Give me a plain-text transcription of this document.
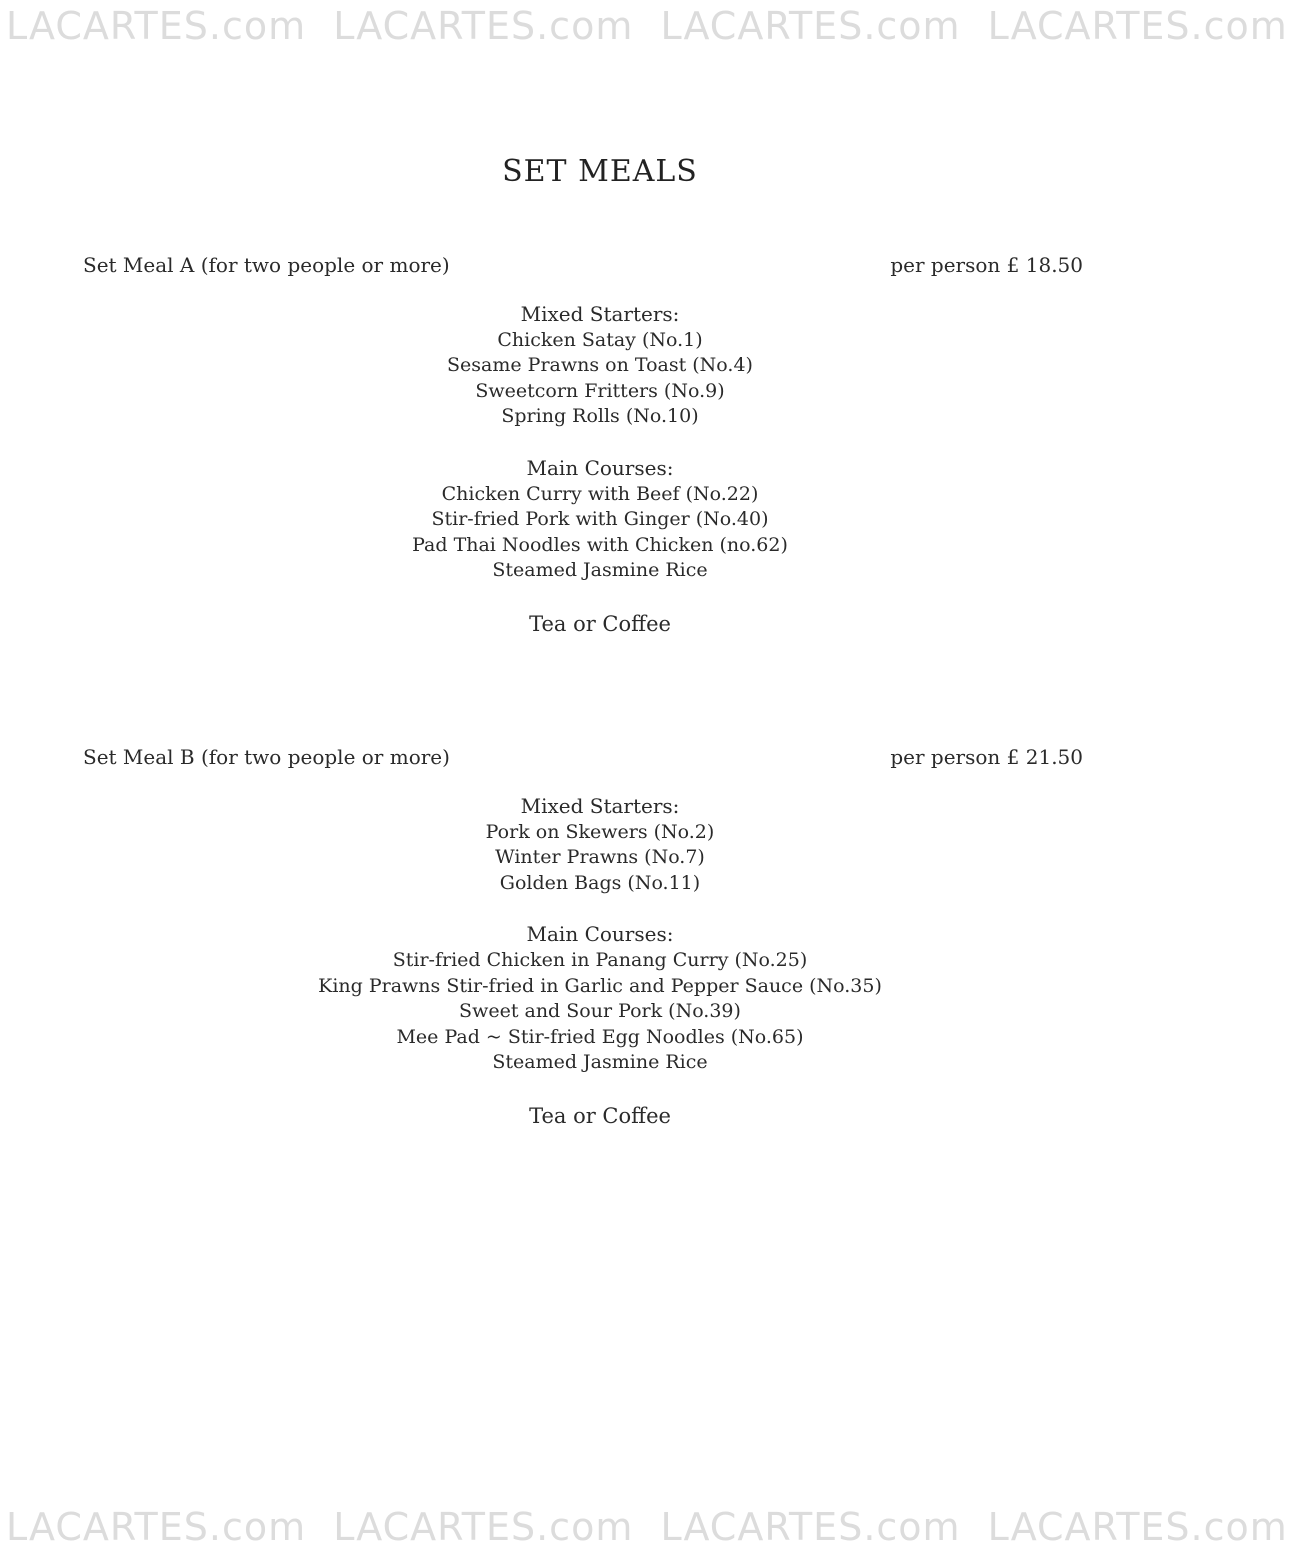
LACARTES.com LACARTES.com LACARTES.com LACARTES.com
SET MEALS
Set Meal A (for two people or more)	per person £ 18.50
Mixed Starters:
Chicken Satay (No.1)
Sesame Prawns on Toast (No.4)
Sweetcorn Fritters (No.9)
Spring Rolls (No.10)
Main Courses:
Chicken Curry with Beef (No.22)
Stir-fried Pork with Ginger (No.40)
Pad Thai Noodles with Chicken (no.62)
Steamed Jasmine Rice
Tea or Coffee
Set Meal B (for two people or more)	per person £ 21.50
Mixed Starters:
Pork on Skewers (No.2)
Winter Prawns (No.7)
Golden Bags (No.11)
Main Courses:
Stir-fried Chicken in Panang Curry (No.25)
King Prawns Stir-fried in Garlic and Pepper Sauce (No.35)
Sweet and Sour Pork (No.39)
Mee Pad ~ Stir-fried Egg Noodles (No.65)
Steamed Jasmine Rice
Tea or Coffee
LACARTES.com LACARTES.com LACARTES.com LACARTES.com
